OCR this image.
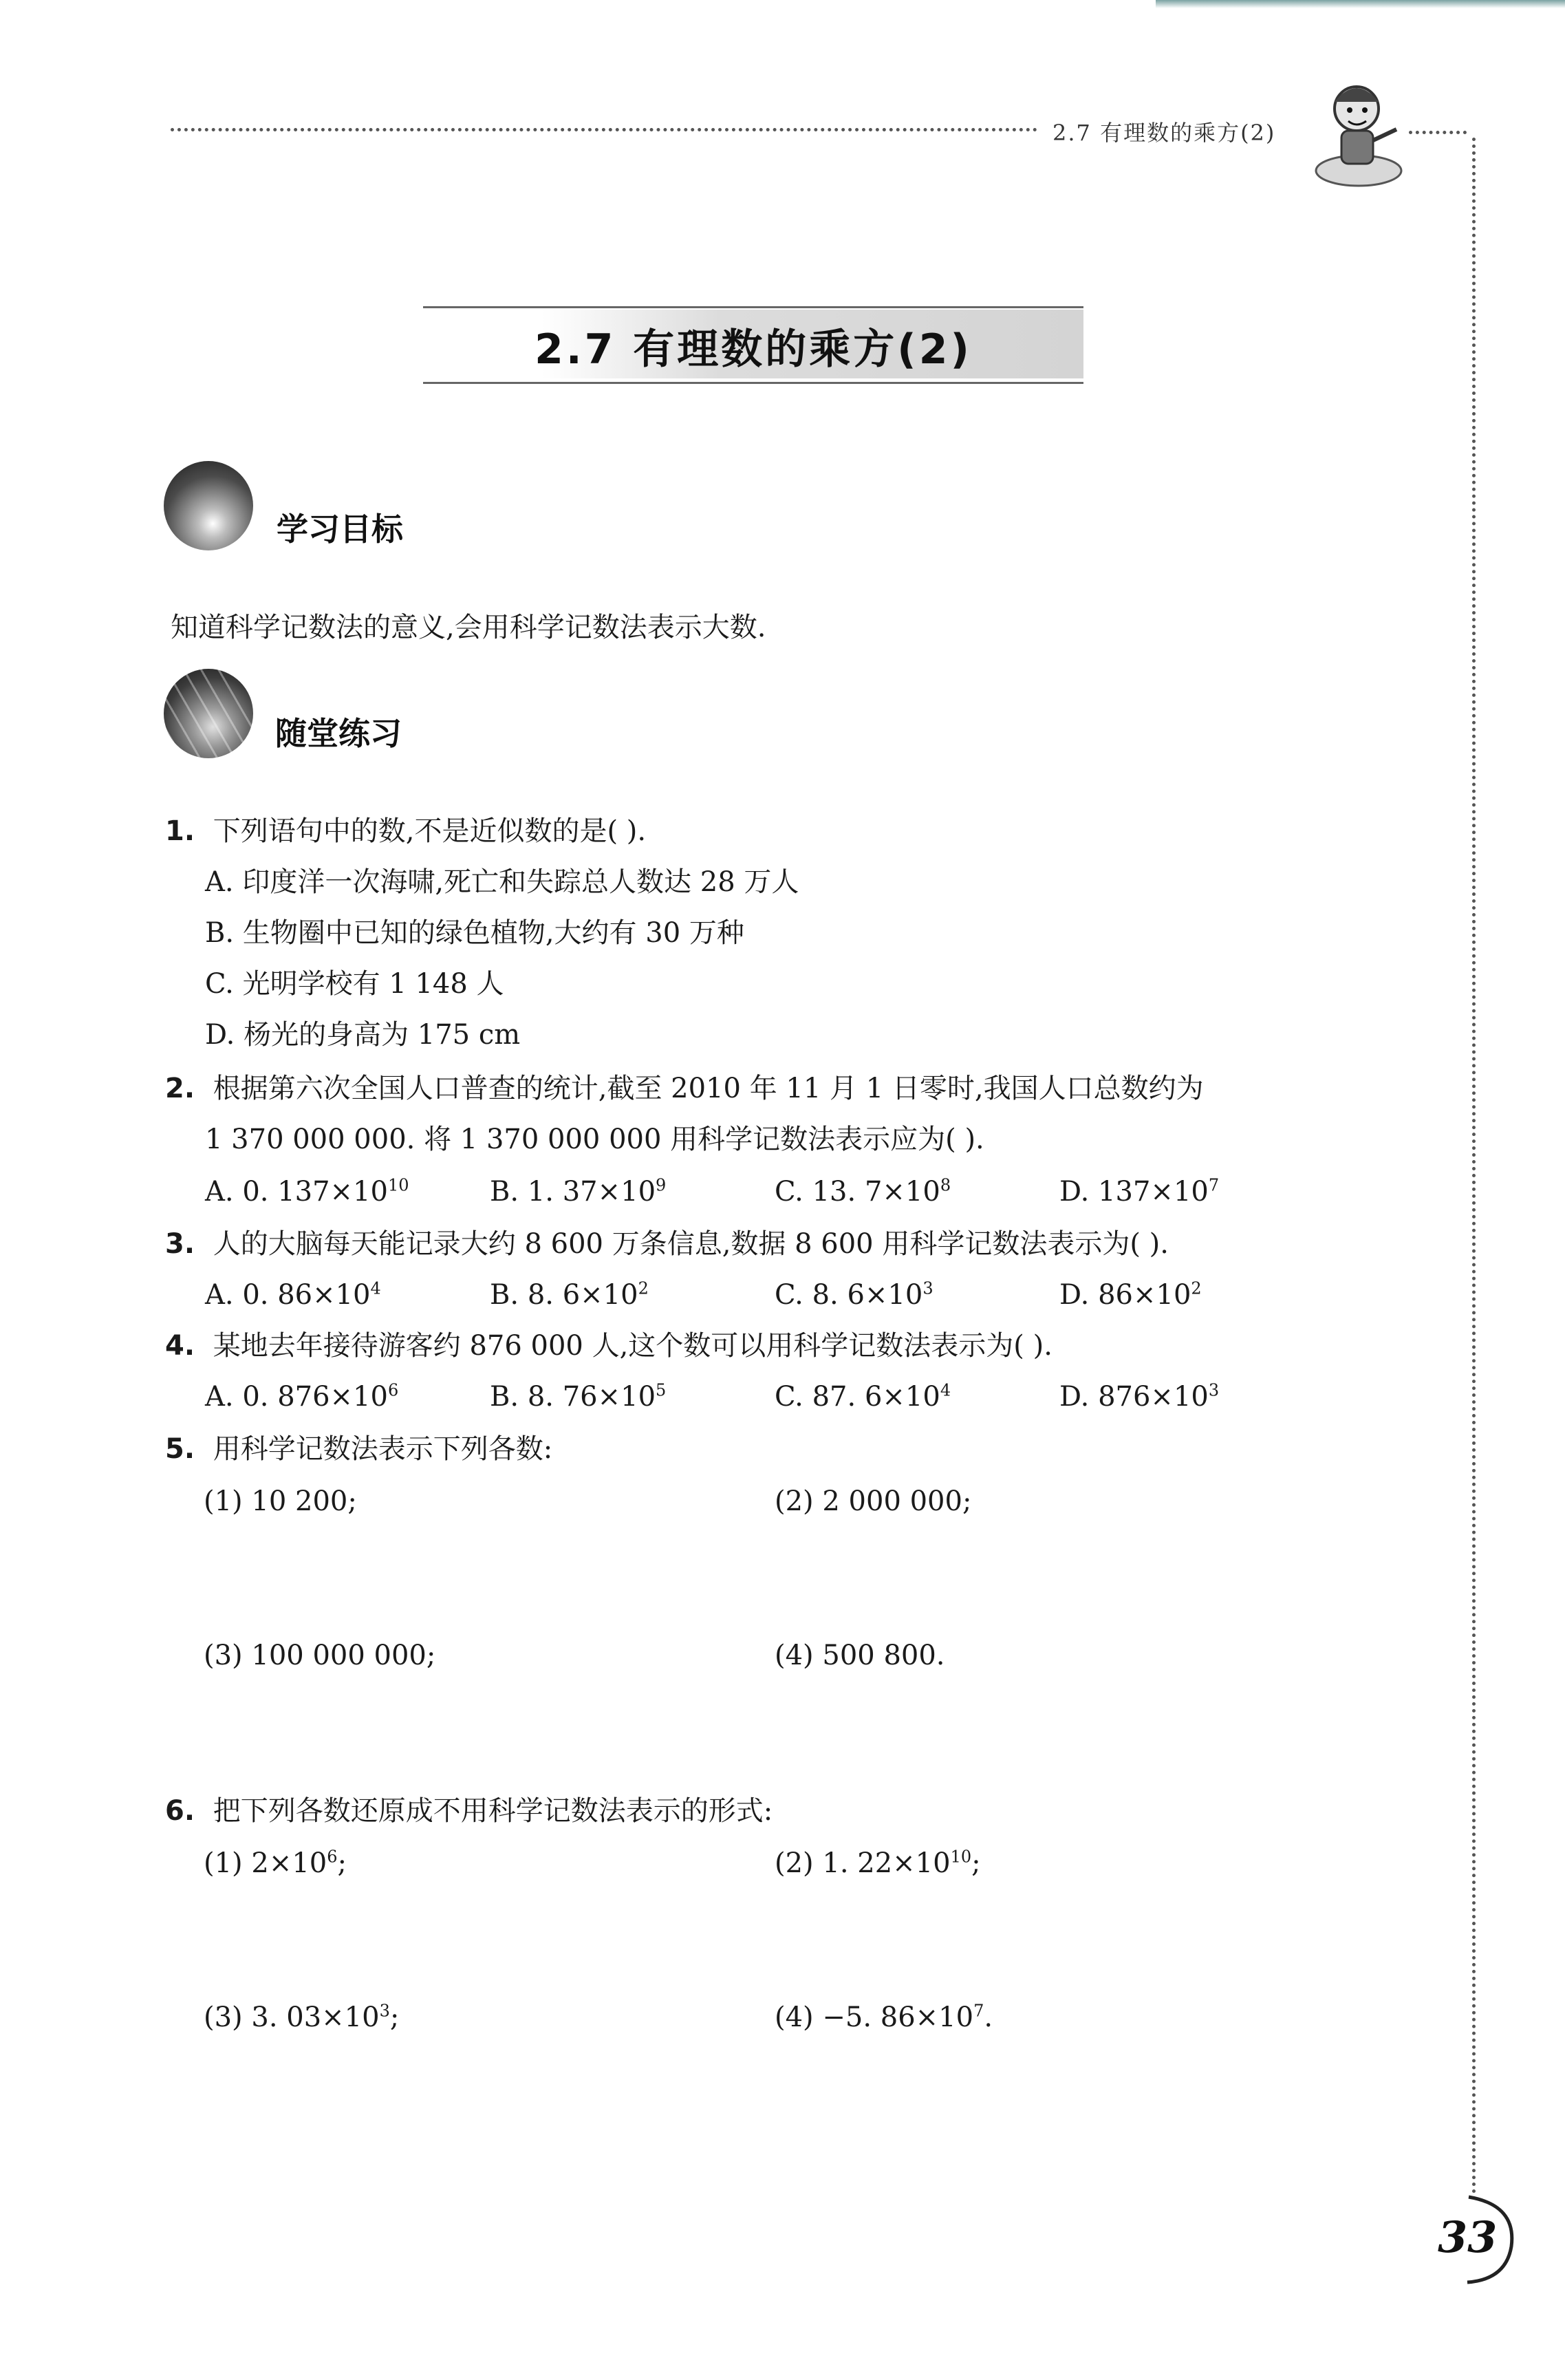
2.7 有理数的乘方(2)
2.7 有理数的乘方(2)
学习目标
知道科学记数法的意义,会用科学记数法表示大数.
随堂练习
1. 下列语句中的数,不是近似数的是( ).
A. 印度洋一次海啸,死亡和失踪总人数达 28 万人
B. 生物圈中已知的绿色植物,大约有 30 万种
C. 光明学校有 1 148 人
D. 杨光的身高为 175 cm
2. 根据第六次全国人口普查的统计,截至 2010 年 11 月 1 日零时,我国人口总数约为
1 370 000 000. 将 1 370 000 000 用科学记数法表示应为( ).
A. 0. $137\times 10^{10}$	B. 1. $37\times 10^9$	C. 13. $7\times 10^8$	D. $137\times 10^7$
3. 人的大脑每天能记录大约 8 600 万条信息,数据 8 600 用科学记数法表示为( ).
A. 0. $86\times 10^4$	B. 8. $6\times 10^2$	C. 8. $6\times 10^3$	D. $86\times 10^2$
4. 某地去年接待游客约 876 000 人,这个数可以用科学记数法表示为( ).
A. 0. $876\times 10^6$	B. 8. $76\times 10^5$	C. 87. $6\times 10^4$	D. $876\times 10^3$
5. 用科学记数法表示下列各数:
(1) 10 200;	(2) 2 000 000;
(3) 100 000 000;	(4) 500 800.
6. 把下列各数还原成不用科学记数法表示的形式:
(1) $2\times 10^6$;	(2) 1. $22\times 10^{10}$;
(3) 3. $03\times 10^3$;	(4) −5. $86\times 10^7$.
33
